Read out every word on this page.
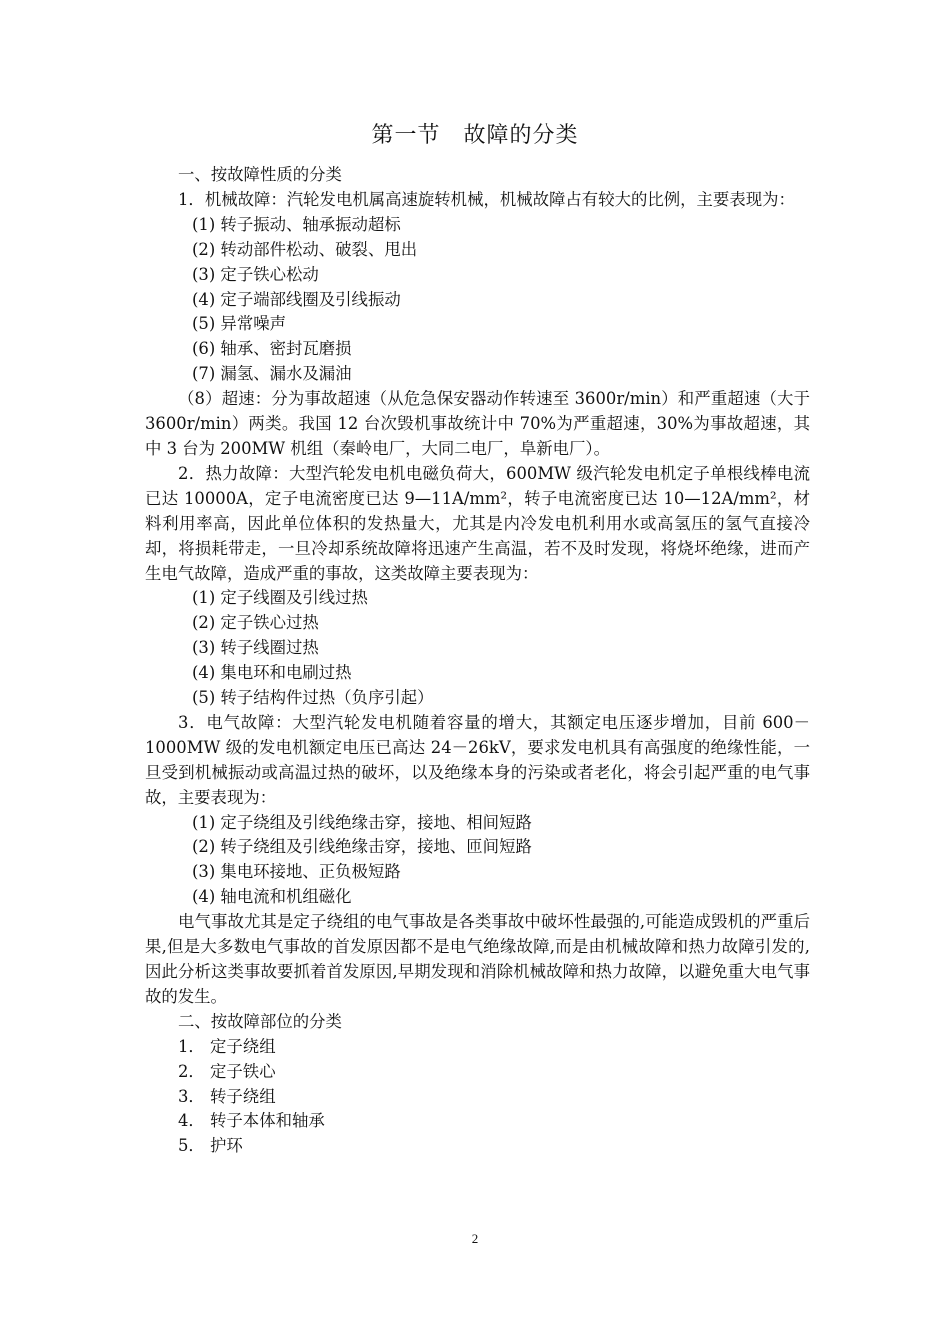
第一节　故障的分类

一、按故障性质的分类

1．机械故障：汽轮发电机属高速旋转机械，机械故障占有较大的比例，主要表现为：

(1) 转子振动、轴承振动超标

(2) 转动部件松动、破裂、甩出

(3) 定子铁心松动

(4) 定子端部线圈及引线振动

(5) 异常噪声

(6) 轴承、密封瓦磨损

(7) 漏氢、漏水及漏油

（8）超速：分为事故超速（从危急保安器动作转速至 3600r/min）和严重超速（大于 3600r/min）两类。我国 12 台次毁机事故统计中 70%为严重超速，30%为事故超速，其中 3 台为 200MW 机组（秦岭电厂，大同二电厂，阜新电厂）。

2．热力故障：大型汽轮发电机电磁负荷大，600MW 级汽轮发电机定子单根线棒电流已达 10000A，定子电流密度已达 9—11A/mm²，转子电流密度已达 10—12A/mm²，材料利用率高，因此单位体积的发热量大，尤其是内冷发电机利用水或高氢压的氢气直接冷却，将损耗带走，一旦冷却系统故障将迅速产生高温，若不及时发现，将烧坏绝缘，进而产生电气故障，造成严重的事故，这类故障主要表现为：

(1) 定子线圈及引线过热

(2) 定子铁心过热

(3) 转子线圈过热

(4) 集电环和电刷过热

(5) 转子结构件过热（负序引起）

3．电气故障：大型汽轮发电机随着容量的增大，其额定电压逐步增加，目前 600－1000MW 级的发电机额定电压已高达 24－26kV，要求发电机具有高强度的绝缘性能，一旦受到机械振动或高温过热的破坏，以及绝缘本身的污染或者老化，将会引起严重的电气事故，主要表现为：

(1) 定子绕组及引线绝缘击穿，接地、相间短路

(2) 转子绕组及引线绝缘击穿，接地、匝间短路

(3) 集电环接地、正负极短路

(4) 轴电流和机组磁化

电气事故尤其是定子绕组的电气事故是各类事故中破坏性最强的,可能造成毁机的严重后果,但是大多数电气事故的首发原因都不是电气绝缘故障,而是由机械故障和热力故障引发的,因此分析这类事故要抓着首发原因,早期发现和消除机械故障和热力故障，以避免重大电气事故的发生。

二、按故障部位的分类

1． 定子绕组

2． 定子铁心

3． 转子绕组

4． 转子本体和轴承

5． 护环

2
